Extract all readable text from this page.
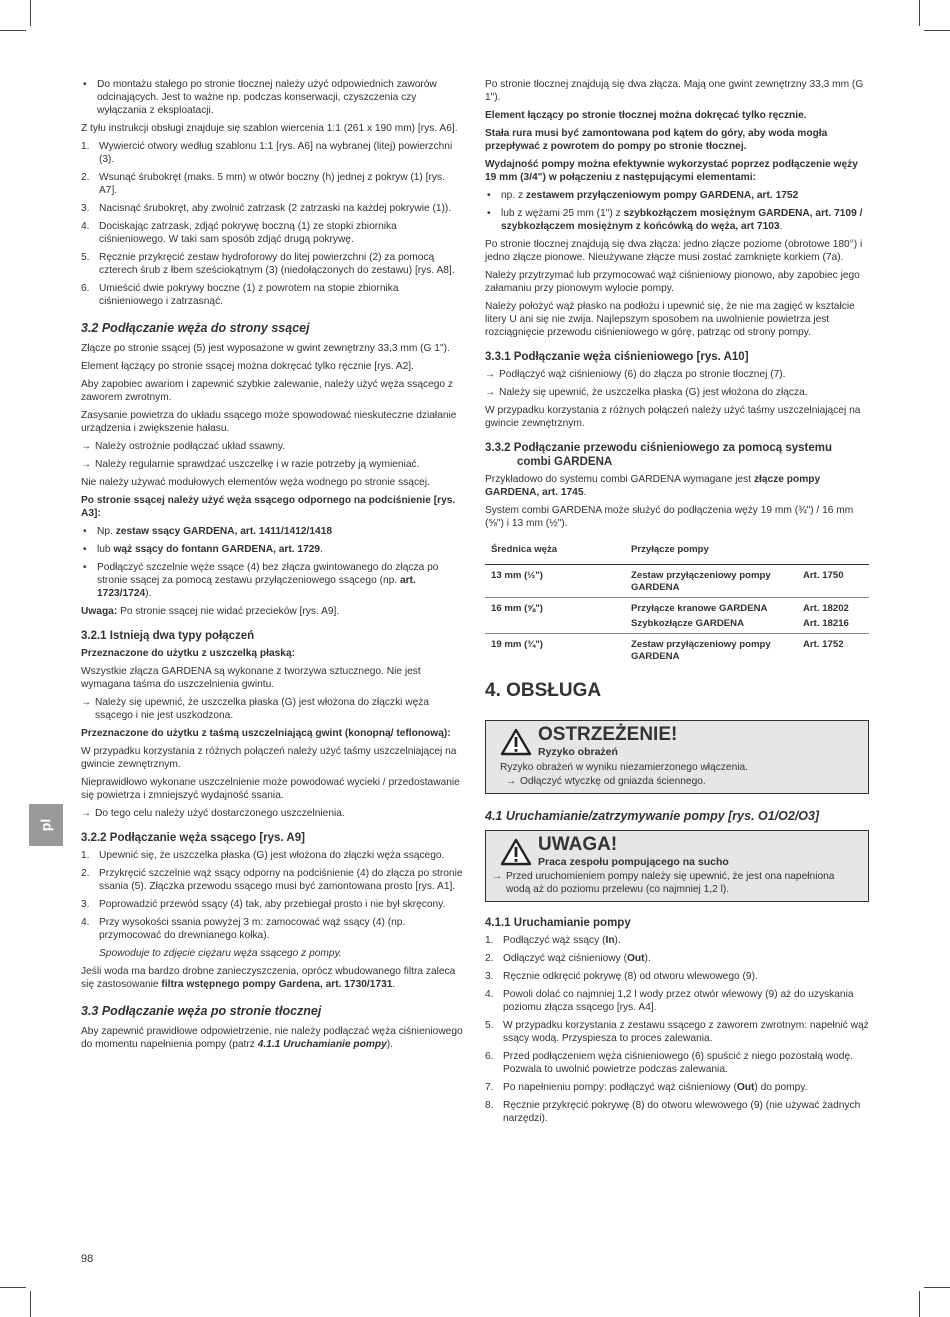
pl

• Do montażu stałego po stronie tłocznej należy użyć odpowiednich zaworów odcinających. Jest to ważne np. podczas konserwacji, czyszczenia czy wyłączania z eksploatacji.

Z tyłu instrukcji obsługi znajduje się szablon wiercenia 1:1 (261 x 190 mm) [rys. A6].

1. Wywiercić otwory według szablonu 1:1 [rys. A6] na wybranej (litej) powierzchni (3).

2. Wsunąć śrubokręt (maks. 5 mm) w otwór boczny (h) jednej z pokryw (1) [rys. A7].

3. Nacisnąć śrubokręt, aby zwolnić zatrzask (2 zatrzaski na każdej pokrywie (1)).

4. Dociskając zatrzask, zdjąć pokrywę boczną (1) ze stopki zbiornika ciśnieniowego. W taki sam sposób zdjąć drugą pokrywę.

5. Ręcznie przykręcić zestaw hydroforowy do litej powierzchni (2) za pomocą czterech śrub z łbem sześciokątnym (3) (niedołączonych do zestawu) [rys. A8].

6. Umieścić dwie pokrywy boczne (1) z powrotem na stopie zbiornika ciśnieniowego i zatrzasnąć.

3.2 Podłączanie węża do strony ssącej

Złącze po stronie ssącej (5) jest wyposażone w gwint zewnętrzny 33,3 mm (G 1").

Element łączący po stronie ssącej można dokręcać tylko ręcznie [rys. A2].

Aby zapobiec awariom i zapewnić szybkie zalewanie, należy użyć węża ssącego z zaworem zwrotnym.

Zasysanie powietrza do układu ssącego może spowodować nieskuteczne działanie urządzenia i zwiększenie hałasu.

→ Należy ostrożnie podłączać układ ssawny.

→ Należy regularnie sprawdzać uszczelkę i w razie potrzeby ją wymieniać.

Nie należy używać modułowych elementów węża wodnego po stronie ssącej.

Po stronie ssącej należy użyć węża ssącego odpornego na podciśnienie [rys. A3]:

• Np. zestaw ssący GARDENA, art. 1411/1412/1418

• lub wąż ssący do fontann GARDENA, art. 1729.

• Podłączyć szczelnie węże ssące (4) bez złącza gwintowanego do złącza po stronie ssącej za pomocą zestawu przyłączeniowego ssącego (np. art. 1723/1724).

Uwaga: Po stronie ssącej nie widać przecieków [rys. A9].

3.2.1 Istnieją dwa typy połączeń

Przeznaczone do użytku z uszczelką płaską:

Wszystkie złącza GARDENA są wykonane z tworzywa sztucznego. Nie jest wymagana taśma do uszczelnienia gwintu.

→ Należy się upewnić, że uszczelka płaska (G) jest włożona do złączki węża ssącego i nie jest uszkodzona.

Przeznaczone do użytku z taśmą uszczelniającą gwint (konopną/ teflonową):

W przypadku korzystania z różnych połączeń należy użyć taśmy uszczelniającej na gwincie zewnętrznym.

Nieprawidłowo wykonane uszczelnienie może powodować wycieki / przedostawanie się powietrza i zmniejszyć wydajność ssania.

→ Do tego celu należy użyć dostarczonego uszczelnienia.

3.2.2 Podłączanie węża ssącego [rys. A9]

1. Upewnić się, że uszczelka płaska (G) jest włożona do złączki węża ssącego.

2. Przykręcić szczelnie wąż ssący odporny na podciśnienie (4) do złącza po stronie ssania (5). Złączka przewodu ssącego musi być zamontowana prosto [rys. A1].

3. Poprowadzić przewód ssący (4) tak, aby przebiegał prosto i nie był skręcony.

4. Przy wysokości ssania powyżej 3 m: zamocować wąż ssący (4) (np. przymocować do drewnianego kołka).

Spowoduje to zdjęcie ciężaru węża ssącego z pompy.

Jeśli woda ma bardzo drobne zanieczyszczenia, oprócz wbudowanego filtra zaleca się zastosowanie filtra wstępnego pompy Gardena, art. 1730/1731.

3.3 Podłączanie węża po stronie tłocznej

Aby zapewnić prawidłowe odpowietrzenie, nie należy podłączać węża ciśnieniowego do momentu napełnienia pompy (patrz 4.1.1 Uruchamianie pompy).

Po stronie tłocznej znajdują się dwa złącza. Mają one gwint zewnętrzny 33,3 mm (G 1").

Element łączący po stronie tłocznej można dokręcać tylko ręcznie.

Stała rura musi być zamontowana pod kątem do góry, aby woda mogła przepływać z powrotem do pompy po stronie tłocznej.

Wydajność pompy można efektywnie wykorzystać poprzez podłączenie węży 19 mm (3/4") w połączeniu z następującymi elementami:

• np. z zestawem przyłączeniowym pompy GARDENA, art. 1752

• lub z wężami 25 mm (1") z szybkozłączem mosiężnym GARDENA, art. 7109 / szybkozłączem mosiężnym z końcówką do węża, art 7103.

Po stronie tłocznej znajdują się dwa złącza: jedno złącze poziome (obrotowe 180°) i jedno złącze pionowe. Nieużywane złącze musi zostać zamknięte korkiem (7a).

Należy przytrzymać lub przymocować wąż ciśnieniowy pionowo, aby zapobiec jego załamaniu przy pionowym wylocie pompy.

Należy położyć wąż płasko na podłożu i upewnić się, że nie ma zagięć w kształcie litery U ani się nie zwija. Najlepszym sposobem na uwolnienie powietrza jest rozciągnięcie przewodu ciśnieniowego w górę, patrząc od strony pompy.

3.3.1 Podłączanie węża ciśnieniowego [rys. A10]

→ Podłączyć wąż ciśnieniowy (6) do złącza po stronie tłocznej (7).

→ Należy się upewnić, że uszczelka płaska (G) jest włożona do złącza.

W przypadku korzystania z różnych połączeń należy użyć taśmy uszczelniającej na gwincie zewnętrznym.

3.3.2 Podłączanie przewodu ciśnieniowego za pomocą systemu combi GARDENA

Przykładowo do systemu combi GARDENA wymagane jest złącze pompy GARDENA, art. 1745.

System combi GARDENA może służyć do podłączenia węży 19 mm (¾") / 16 mm (⅝") i 13 mm (½").

Średnica węża	Przyłącze pompy	
13 mm (½")	Zestaw przyłączeniowy pompy GARDENA	Art. 1750
16 mm (⅝")	Przyłącze kranowe GARDENA	Art. 18202
	Szybkozłącze GARDENA	Art. 18216
19 mm (¾")	Zestaw przyłączeniowy pompy GARDENA	Art. 1752
4. OBSŁUGA
OSTRZEŻENIE!
Ryzyko obrażeń

Ryzyko obrażeń w wyniku niezamierzonego włączenia.

→ Odłączyć wtyczkę od gniazda ściennego.

4.1 Uruchamianie/zatrzymywanie pompy [rys. O1/O2/O3]
UWAGA!
Praca zespołu pompującego na sucho

→ Przed uruchomieniem pompy należy się upewnić, że jest ona napełniona wodą aż do poziomu przelewu (co najmniej 1,2 l).

4.1.1 Uruchamianie pompy

1. Podłączyć wąż ssący (In).

2. Odłączyć wąż ciśnieniowy (Out).

3. Ręcznie odkręcić pokrywę (8) od otworu wlewowego (9).

4. Powoli dolać co najmniej 1,2 l wody przez otwór wlewowy (9) aż do uzyskania poziomu złącza ssącego [rys. A4].

5. W przypadku korzystania z zestawu ssącego z zaworem zwrotnym: napełnić wąż ssący wodą. Przyspiesza to proces zalewania.

6. Przed podłączeniem węża ciśnieniowego (6) spuścić z niego pozostałą wodę. Pozwala to uwolnić powietrze podczas zalewania.

7. Po napełnieniu pompy: podłączyć wąż ciśnieniowy (Out) do pompy.

8. Ręcznie przykręcić pokrywę (8) do otworu wlewowego (9) (nie używać żadnych narzędzi).

98
